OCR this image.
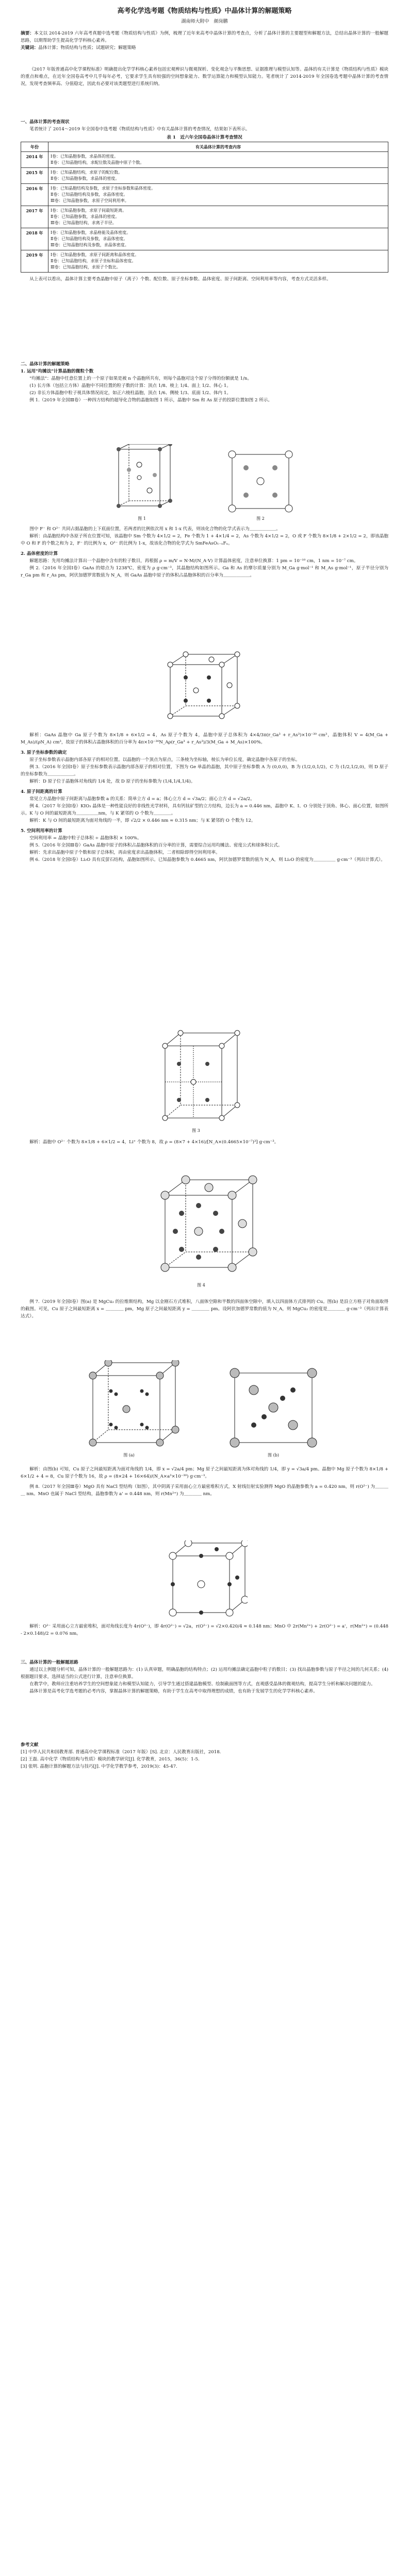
高考化学选考题《物质结构与性质》中晶体计算的解题策略

湖南师大附中　颜岗鹏

摘要：本文以 2014-2019 六年高考真题中选考题《物质结构与性质》为例，梳理了近年来高考中晶体计算的考查点，分析了晶体计算的主要题型和解题方法，总结出晶体计算的一般解题思路，以期帮助学生提高化学学科核心素养。

关键词：晶体计算；物质结构与性质；试题研究；解题策略

《2017 年版普通高中化学课程标准》明确提出化学学科核心素养包括宏观辨识与微观探析、变化观念与平衡思想、证据推理与模型认知等。晶体的有关计算是《物质结构与性质》模块的重点和难点，在近年全国卷高考中几乎每年必考，它要求学生具有较强的空间想象能力、数学运算能力和模型认知能力。笔者统计了 2014-2019 年全国卷选考题中晶体计算的考查情况，发现考查频率高、分值稳定，因此有必要对该类题型进行系统归纳。

一、晶体计算的考查现状

笔者统计了 2014～2019 年全国卷中选考题《物质结构与性质》中有关晶体计算的考查情况，结果如下表所示。

表 1　近六年全国卷晶体计算考查情况
年份	有关晶体计算的考查内容
2014 年	Ⅰ卷：已知晶胞参数，求晶体的密度。
Ⅱ卷：已知晶胞结构，求配位数及晶胞中原子个数。

2015 年	Ⅰ卷：已知晶胞结构，求原子的配位数。
Ⅱ卷：已知晶胞参数，求晶体的密度。

2016 年	Ⅰ卷：已知晶胞结构及参数，求原子坐标参数和晶体密度。
Ⅱ卷：已知晶胞结构及参数，求晶体密度。
Ⅲ卷：已知晶胞参数，求原子空间利用率。

2017 年	Ⅰ卷：已知晶胞参数，求原子间最短距离。
Ⅱ卷：已知晶胞参数，求晶体的密度。
Ⅲ卷：已知晶胞结构，求离子半径。

2018 年	Ⅰ卷：已知晶胞参数，求晶格能及晶体密度。
Ⅱ卷：已知晶胞结构及参数，求晶体密度。
Ⅲ卷：已知晶胞结构及参数，求晶体密度。

2019 年	Ⅰ卷：已知晶胞参数，求原子间距离和晶体密度。
Ⅱ卷：已知晶胞结构，求原子坐标和晶体密度。
Ⅲ卷：已知晶胞结构，求原子个数比。

从上表可以看出，晶体计算主要考查晶胞中原子（离子）个数、配位数、原子坐标参数、晶体密度、原子间距离、空间利用率等内容，考查方式灵活多样。

二、晶体计算的解题策略

1. 运用"均摊法"计算晶胞的微粒个数

"均摊法"：晶胞中任意位置上的一个原子如果是被 n 个晶胞所共有，则每个晶胞对这个原子分得的份额就是 1/n。

(1) 长方体（包括立方体）晶胞中不同位置的粒子数的计算：顶点 1/8、棱上 1/4、面上 1/2、体心 1。

(2) 非长方体晶胞中粒子视具体情况而定，如正六棱柱晶胞，顶点 1/6、侧棱 1/3、底面 1/2、体内 1。

例 1.（2019 年全国Ⅲ卷）一种四方结构的超导化合物的晶胞如图 1 所示，晶胞中 Sm 和 As 原子的投影位置如图 2 所示。

图 1	图 2

图中 F⁻ 和 O²⁻ 共同占据晶胞的上下底面位置，若两者的比例依次用 x 和 1-x 代表，则该化合物的化学式表示为＿＿＿＿＿＿。

解析：由晶胞结构中各原子所在位置可知，该晶胞中 Sm 个数为 4×1/2 = 2，Fe 个数为 1 + 4×1/4 = 2，As 个数为 4×1/2 = 2，O 或 F 个数为 8×1/8 + 2×1/2 = 2，即该晶胞中 O 和 F 的个数之和为 2，F⁻ 的比例为 x，O²⁻ 的比例为 1-x，故该化合物的化学式为 SmFeAsO₁₋ₓFₓ。

2. 晶体密度的计算

解题思路：先用均摊法计算出一个晶胞中含有的粒子数目，再根据 ρ = m/V = N·M/(N_A·V) 计算晶体密度，注意单位换算：1 pm = 10⁻¹⁰ cm，1 nm = 10⁻⁷ cm。

例 2.（2016 年全国Ⅰ卷）GaAs 的熔点为 1238℃，密度为 ρ g·cm⁻³，其晶胞结构如图所示。Ga 和 As 的摩尔质量分别为 M_Ga g·mol⁻¹ 和 M_As g·mol⁻¹，原子半径分别为 r_Ga pm 和 r_As pm，阿伏加德罗常数值为 N_A，则 GaAs 晶胞中原子的体积占晶胞体积的百分率为＿＿＿＿＿＿。

解析：GaAs 晶胞中 Ga 原子个数为 8×1/8 + 6×1/2 = 4，As 原子个数为 4，晶胞中原子总体积为 4×4/3π(r_Ga³ + r_As³)×10⁻³⁰ cm³，晶胞体积 V = 4(M_Ga + M_As)/(ρN_A) cm³，故原子的体积占晶胞体积的百分率为 4π×10⁻³⁰N_Aρ(r_Ga³ + r_As³)/3(M_Ga + M_As)×100%。

3. 原子坐标参数的确定

原子坐标参数表示晶胞内部各原子的相对位置。以晶胞的一个顶点为原点，三条棱为坐标轴，棱长为单位长度，确定晶胞中各原子的坐标。

例 3.（2016 年全国Ⅰ卷）原子坐标参数表示晶胞内部各原子的相对位置，下图为 Ge 单晶的晶胞，其中原子坐标参数 A 为 (0,0,0)，B 为 (1/2,0,1/2)，C 为 (1/2,1/2,0)，则 D 原子的坐标参数为＿＿＿＿＿＿。

解析：D 原子位于晶胞体对角线的 1/4 处，故 D 原子的坐标参数为 (1/4,1/4,1/4)。

4. 原子间距离的计算

常见立方晶胞中原子间距离与晶胞参数 a 的关系：简单立方 d = a；体心立方 d = √3a/2；面心立方 d = √2a/2。

例 4.（2017 年全国Ⅰ卷）KIO₃ 晶体是一种性能良好的非线性光学材料，具有钙钛矿型的立方结构，边长为 a = 0.446 nm，晶胞中 K、I、O 分别处于顶角、体心、面心位置，如图所示。K 与 O 间的最短距离为＿＿＿＿＿nm，与 K 紧邻的 O 个数为＿＿＿＿。

解析：K 与 O 间的最短距离为面对角线的一半，即 √2/2 × 0.446 nm ≈ 0.315 nm；与 K 紧邻的 O 个数为 12。

5. 空间利用率的计算

空间利用率 = 晶胞中粒子总体积 ÷ 晶胞体积 × 100%。

例 5.（2016 年全国Ⅲ卷）GaAs 晶胞中原子的体积占晶胞体积的百分率的计算，需要综合运用均摊法、密度公式和球体积公式。

解析：先求出晶胞中原子个数和原子总体积，再由密度求出晶胞体积，二者相除即得空间利用率。

例 6.（2018 年全国Ⅰ卷）Li₂O 具有反萤石结构，晶胞如图所示。已知晶胞参数为 0.4665 nm，阿伏加德罗常数的值为 N_A，则 Li₂O 的密度为＿＿＿＿＿ g·cm⁻³（列出计算式）。

图 3

解析：晶胞中 O²⁻ 个数为 8×1/8 + 6×1/2 = 4，Li⁺ 个数为 8，故 ρ = (8×7 + 4×16)/[N_A×(0.4665×10⁻⁷)³] g·cm⁻³。

图 4

例 7.（2019 年全国Ⅰ卷）图(a) 是 MgCu₂ 的拉维斯结构，Mg 以金刚石方式堆积，八面体空隙和半数的四面体空隙中，填入以四面体方式排列的 Cu。图(b) 是沿立方格子对角面取得的截图。可见，Cu 原子之间最短距离 x = ＿＿＿＿ pm，Mg 原子之间最短距离 y = ＿＿＿＿ pm。设阿伏加德罗常数的值为 N_A，则 MgCu₂ 的密度是＿＿＿＿ g·cm⁻³（列出计算表达式）。

图 (a)	图 (b)

解析：由图(b) 可知，Cu 原子之间最短距离为面对角线的 1/4，即 x = √2a/4 pm；Mg 原子之间最短距离为体对角线的 1/4，即 y = √3a/4 pm。晶胞中 Mg 原子个数为 8×1/8 + 6×1/2 + 4 = 8，Cu 原子个数为 16，故 ρ = (8×24 + 16×64)/(N_A×a³×10⁻³⁰) g·cm⁻³。

例 8.（2017 年全国Ⅲ卷）MgO 具有 NaCl 型结构（如图），其中阴离子采用面心立方最密堆积方式，X 射线衍射实验测得 MgO 的晶胞参数为 a = 0.420 nm，则 r(O²⁻) 为＿＿＿＿ nm。MnO 也属于 NaCl 型结构，晶胞参数为 a' = 0.448 nm，则 r(Mn²⁺) 为＿＿＿＿ nm。

解析：O²⁻ 采用面心立方最密堆积，面对角线长度为 4r(O²⁻)，即 4r(O²⁻) = √2a，r(O²⁻) = √2×0.420/4 ≈ 0.148 nm；MnO 中 2r(Mn²⁺) + 2r(O²⁻) = a'，r(Mn²⁺) = (0.448 - 2×0.148)/2 = 0.076 nm。

三、晶体计算的一般解题思路

通过以上例题分析可知，晶体计算的一般解题思路为：(1) 认真审题，明确晶胞的结构特点；(2) 运用均摊法确定晶胞中粒子的数目；(3) 找出晶胞参数与原子半径之间的几何关系；(4) 根据题目要求，选择适当的公式进行计算，注意单位换算。

在教学中，教师应注重培养学生的空间想象能力和模型认知能力，引导学生通过搭建晶胞模型、绘制截面图等方式，直观感受晶体的微观结构，提高学生分析和解决问题的能力。

晶体计算是高考化学选考题的必考内容，掌握晶体计算的解题策略，有助于学生在高考中取得理想的成绩，也有助于发展学生的化学学科核心素养。

参考文献

[1] 中华人民共和国教育部. 普通高中化学课程标准（2017 年版）[S]. 北京：人民教育出版社，2018.

[2] 王磊. 高中化学《物质结构与性质》模块的教学研究[J]. 化学教育，2015，36(5)：1-5.

[3] 张明. 晶胞计算的解题方法与技巧[J]. 中学化学教学参考，2019(3)：45-47.
